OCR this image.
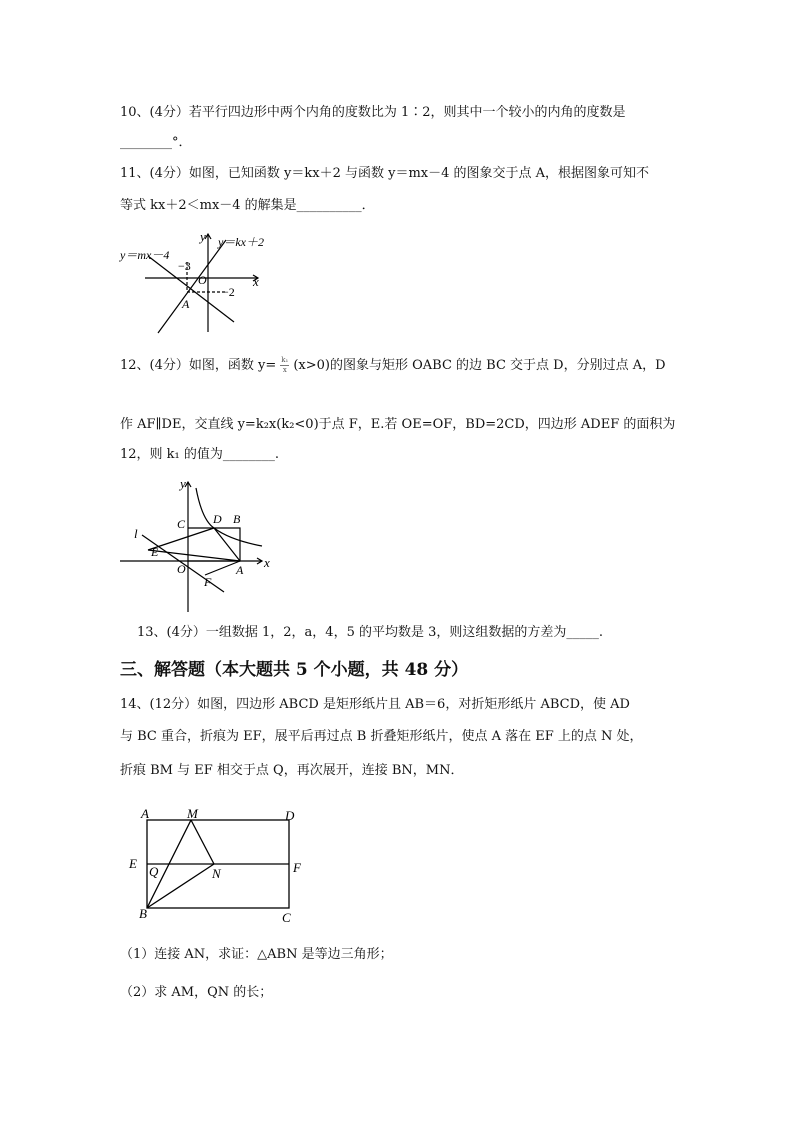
10、(4分）若平行四边形中两个内角的度数比为 1∶2，则其中一个较小的内角的度数是
________°．
11、(4分）如图，已知函数 y＝kx＋2 与函数 y＝mx－4 的图象交于点 A，根据图象可知不
等式 kx＋2＜mx－4 的解集是__________．
y＝mx－4
y＝kx＋2
y
x
O
A
−3
−2
12、(4分）如图，函数 $y= \frac{\text{k₁}}{x} (x>0)$的图象与矩形 OABC 的边 BC 交于点 D，分别过点 A，D
作 AF∥DE，交直线 y=k₂x(k₂<0)于点 F，E.若 OE=OF，BD=2CD，四边形 ADEF 的面积为
12，则 k₁ 的值为________.
y
x
l
C D B
E
O
F
A
13、(4分）一组数据 1，2，a，4，5 的平均数是 3，则这组数据的方差为_____.
三、解答题（本大题共 5 个小题，共 48 分）
14、(12分）如图，四边形 ABCD 是矩形纸片且 AB＝6，对折矩形纸片 ABCD，使 AD
与 BC 重合，折痕为 EF，展平后再过点 B 折叠矩形纸片，使点 A 落在 EF 上的点 N 处，
折痕 BM 与 EF 相交于点 Q，再次展开，连接 BN，MN．
A	M	D
E	F
Q	N
B	C
（1）连接 AN，求证：△ABN 是等边三角形；
（2）求 AM，QN 的长；
